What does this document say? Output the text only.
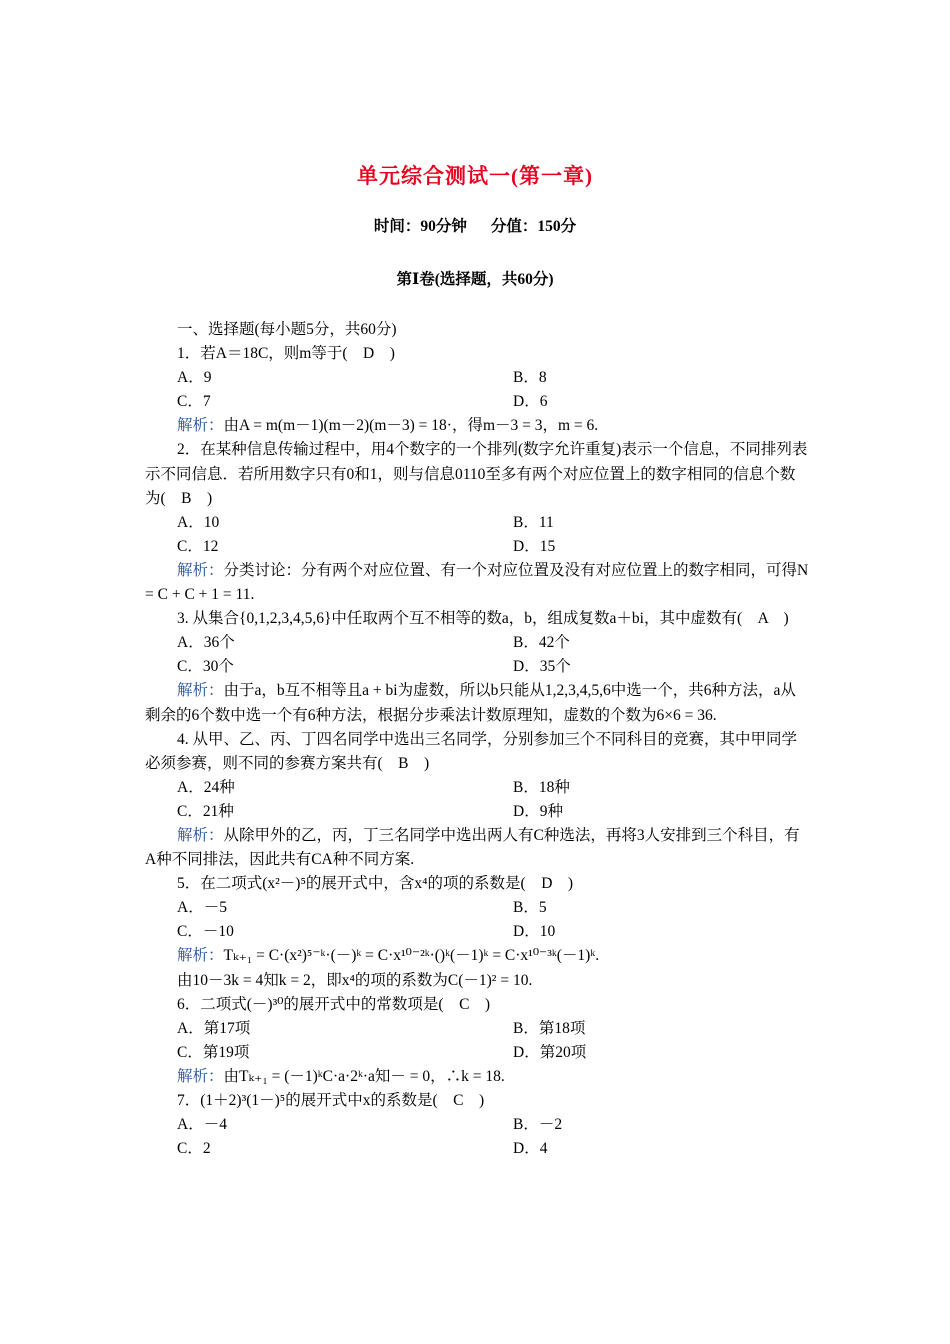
单元综合测试一(第一章)
时间：90分钟 分值：150分
第Ⅰ卷(选择题，共60分)
一、选择题(每小题5分，共60分)
1．若A＝18C，则m等于(　D　)
A．9	B．8
C．7	D．6
解析：由A = m(m－1)(m－2)(m－3) = 18·，得m－3 = 3，m = 6.
2．在某种信息传输过程中，用4个数字的一个排列(数字允许重复)表示一个信息，不同排列表示不同信息．若所用数字只有0和1，则与信息0110至多有两个对应位置上的数字相同的信息个数为(　B　)
A．10	B．11
C．12	D．15
解析：分类讨论：分有两个对应位置、有一个对应位置及没有对应位置上的数字相同，可得N = C + C + 1 = 11.
3. 从集合{0,1,2,3,4,5,6}中任取两个互不相等的数a，b，组成复数a＋bi，其中虚数有(　A　)
A．36个	B．42个
C．30个	D．35个
解析：由于a，b互不相等且a + bi为虚数，所以b只能从1,2,3,4,5,6中选一个，共6种方法，a从剩余的6个数中选一个有6种方法，根据分步乘法计数原理知，虚数的个数为6×6 = 36.
4. 从甲、乙、丙、丁四名同学中选出三名同学，分别参加三个不同科目的竞赛，其中甲同学必须参赛，则不同的参赛方案共有(　B　)
A．24种	B．18种
C．21种	D．9种
解析：从除甲外的乙，丙，丁三名同学中选出两人有C种选法，再将3人安排到三个科目，有A种不同排法，因此共有CA种不同方案.
5．在二项式(x²－)⁵的展开式中，含x⁴的项的系数是(　D　)
A．－5	B．5
C．－10	D．10
解析：Tₖ₊₁ = C·(x²)⁵⁻ᵏ·(－)ᵏ = C·x¹⁰⁻²ᵏ·()ᵏ(－1)ᵏ = C·x¹⁰⁻³ᵏ(－1)ᵏ.
由10－3k = 4知k = 2，即x⁴的项的系数为C(－1)² = 10.
6．二项式(－)³⁰的展开式中的常数项是(　C　)
A．第17项	B．第18项
C．第19项	D．第20项
解析：由Tₖ₊₁ = (－1)ᵏC·a·2ᵏ·a知－ = 0，∴k = 18.
7．(1＋2)³(1－)⁵的展开式中x的系数是(　C　)
A．－4	B．－2
C．2	D．4
